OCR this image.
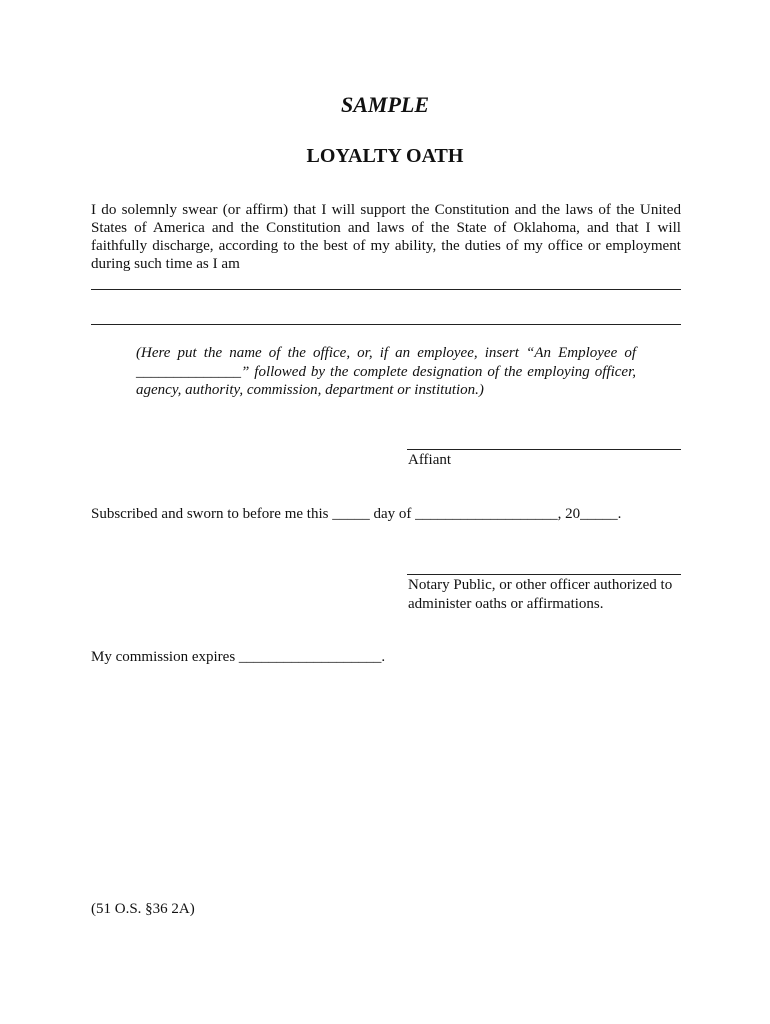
SAMPLE
LOYALTY OATH

I do solemnly swear (or affirm) that I will support the Constitution and the laws of the United States of America and the Constitution and laws of the State of Oklahoma, and that I will faithfully discharge, according to the best of my ability, the duties of my office or employment during such time as I am

(Here put the name of the office, or, if an employee, insert “An Employee of ______________” followed by the complete designation of the employing officer, agency, authority, commission, department or institution.)

Affiant

Subscribed and sworn to before me this _____ day of ___________________, 20_____.

Notary Public, or other officer authorized to administer oaths or affirmations.

My commission expires ___________________.

(51 O.S. §36 2A)
